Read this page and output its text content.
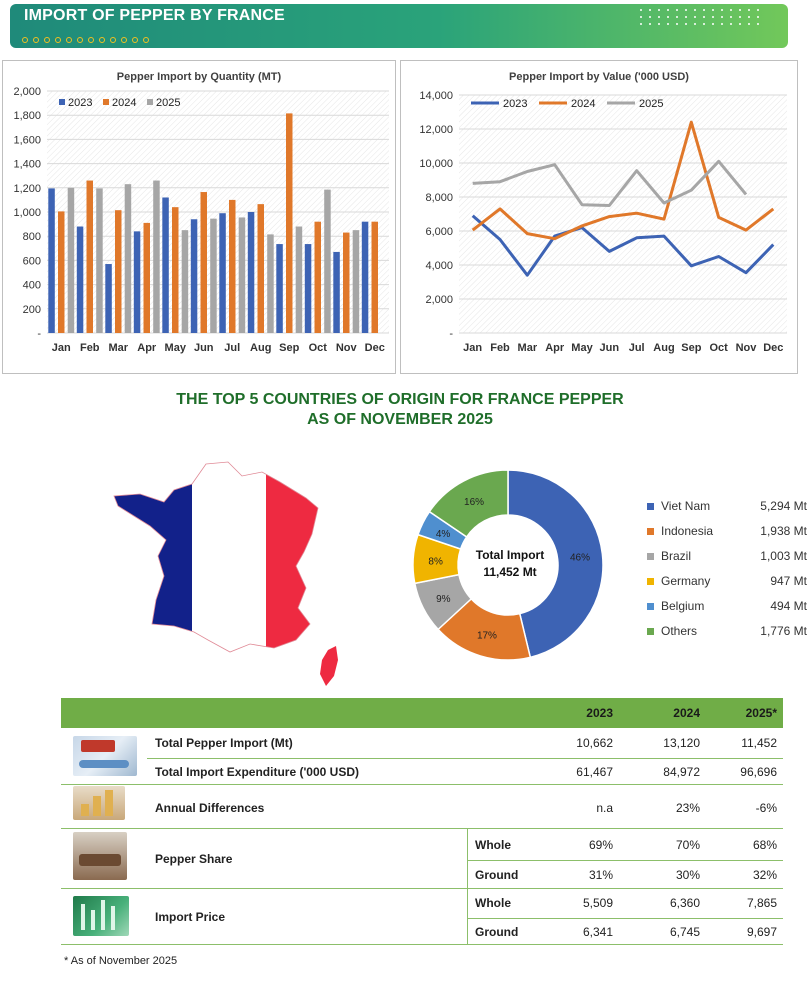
IMPORT OF PEPPER BY FRANCE
Pepper Import by Quantity (MT)
-
200
400
600
800
1,000
1,200
1,400
1,600
1,800
2,000
Jan Feb Mar Apr May Jun Jul Aug Sep Oct Nov Dec
2023 2024 2025
Pepper Import by Value ('000 USD)
-
2,000
4,000
6,000
8,000
10,000
12,000
14,000
Jan Feb Mar Apr May Jun Jul Aug Sep Oct Nov Dec
2023	2024	2025
THE TOP 5 COUNTRIES OF ORIGIN FOR FRANCE PEPPER
AS OF NOVEMBER 2025
46%
17%
9%
8%
4%
16%
Total Import
11,452 Mt
Viet Nam	5,294 Mt
Indonesia	1,938 Mt
Brazil	1,003 Mt
Germany	947 Mt
Belgium	494 Mt
Others	1,776 Mt
2023	2024	2025*
Total Pepper Import (Mt)	10,662	13,120	11,452
Total Import Expenditure ('000 USD)	61,467	84,972	96,696
Annual Differences	n.a	23%	-6%
Pepper Share
Whole	69%	70%	68%
Ground	31%	30%	32%
Import Price
Whole	5,509	6,360	7,865
Ground	6,341	6,745	9,697
* As of November 2025
